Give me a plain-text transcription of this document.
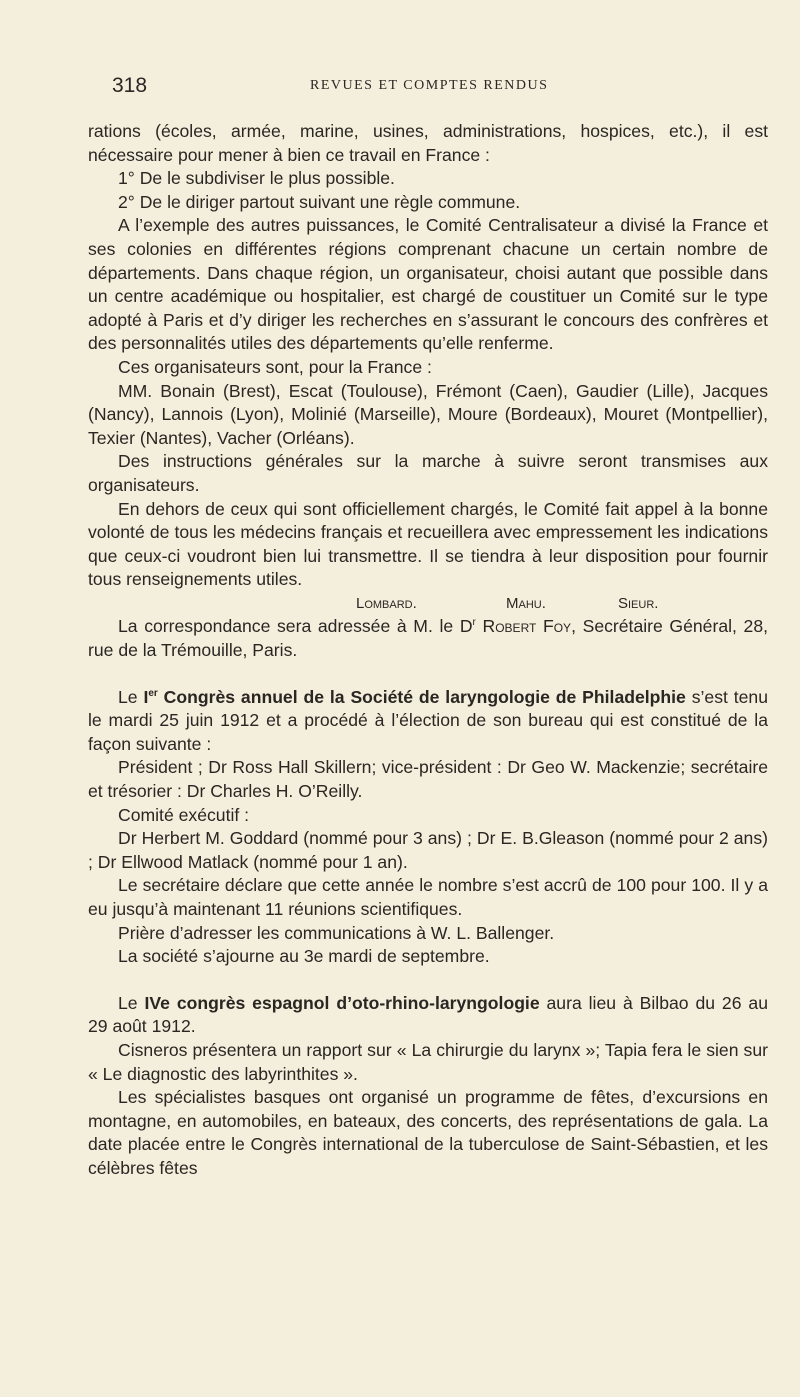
318	REVUES ET COMPTES RENDUS

rations (écoles, armée, marine, usines, administrations, hospices, etc.), il est nécessaire pour mener à bien ce travail en France :

1° De le subdiviser le plus possible.

2° De le diriger partout suivant une règle commune.

A l’exemple des autres puissances, le Comité Centralisateur a divisé la France et ses colonies en différentes régions comprenant chacune un certain nombre de départements. Dans chaque région, un organisateur, choisi autant que possible dans un centre académique ou hospitalier, est chargé de coustituer un Comité sur le type adopté à Paris et d’y diriger les recherches en s’assurant le concours des confrères et des personnalités utiles des départements qu’elle renferme.

Ces organisateurs sont, pour la France :

MM. Bonain (Brest), Escat (Toulouse), Frémont (Caen), Gaudier (Lille), Jacques (Nancy), Lannois (Lyon), Molinié (Marseille), Moure (Bordeaux), Mouret (Montpellier), Texier (Nantes), Vacher (Orléans).

Des instructions générales sur la marche à suivre seront transmises aux organisateurs.

En dehors de ceux qui sont officiellement chargés, le Comité fait appel à la bonne volonté de tous les médecins français et recueillera avec empressement les indications que ceux-ci voudront bien lui transmettre. Il se tiendra à leur disposition pour fournir tous renseignements utiles.

Lombard.	Mahu.	Sieur.

La correspondance sera adressée à M. le $D^r$ Robert Foy, Secrétaire Général, 28, rue de la Trémouille, Paris.

Le Ier Congrès annuel de la Société de laryngologie de Philadelphie s’est tenu le mardi 25 juin 1912 et a procédé à l’élection de son bureau qui est constitué de la façon suivante :

Président ; Dr Ross Hall Skillern; vice-président : Dr Geo W. Mackenzie; secrétaire et trésorier : Dr Charles H. O’Reilly.

Comité exécutif :

Dr Herbert M. Goddard (nommé pour 3 ans) ; Dr E. B.Gleason (nommé pour 2 ans) ; Dr Ellwood Matlack (nommé pour 1 an).

Le secrétaire déclare que cette année le nombre s’est accrû de 100 pour 100. Il y a eu jusqu’à maintenant 11 réunions scientifiques.

Prière d’adresser les communications à W. L. Ballenger.

La société s’ajourne au 3e mardi de septembre.

Le IVe congrès espagnol d’oto-rhino-laryngologie aura lieu à Bilbao du 26 au 29 août 1912.

Cisneros présentera un rapport sur « La chirurgie du larynx »; Tapia fera le sien sur « Le diagnostic des labyrinthites ».

Les spécialistes basques ont organisé un programme de fêtes, d’excursions en montagne, en automobiles, en bateaux, des concerts, des représentations de gala. La date placée entre le Congrès international de la tuberculose de Saint-Sébastien, et les célèbres fêtes
